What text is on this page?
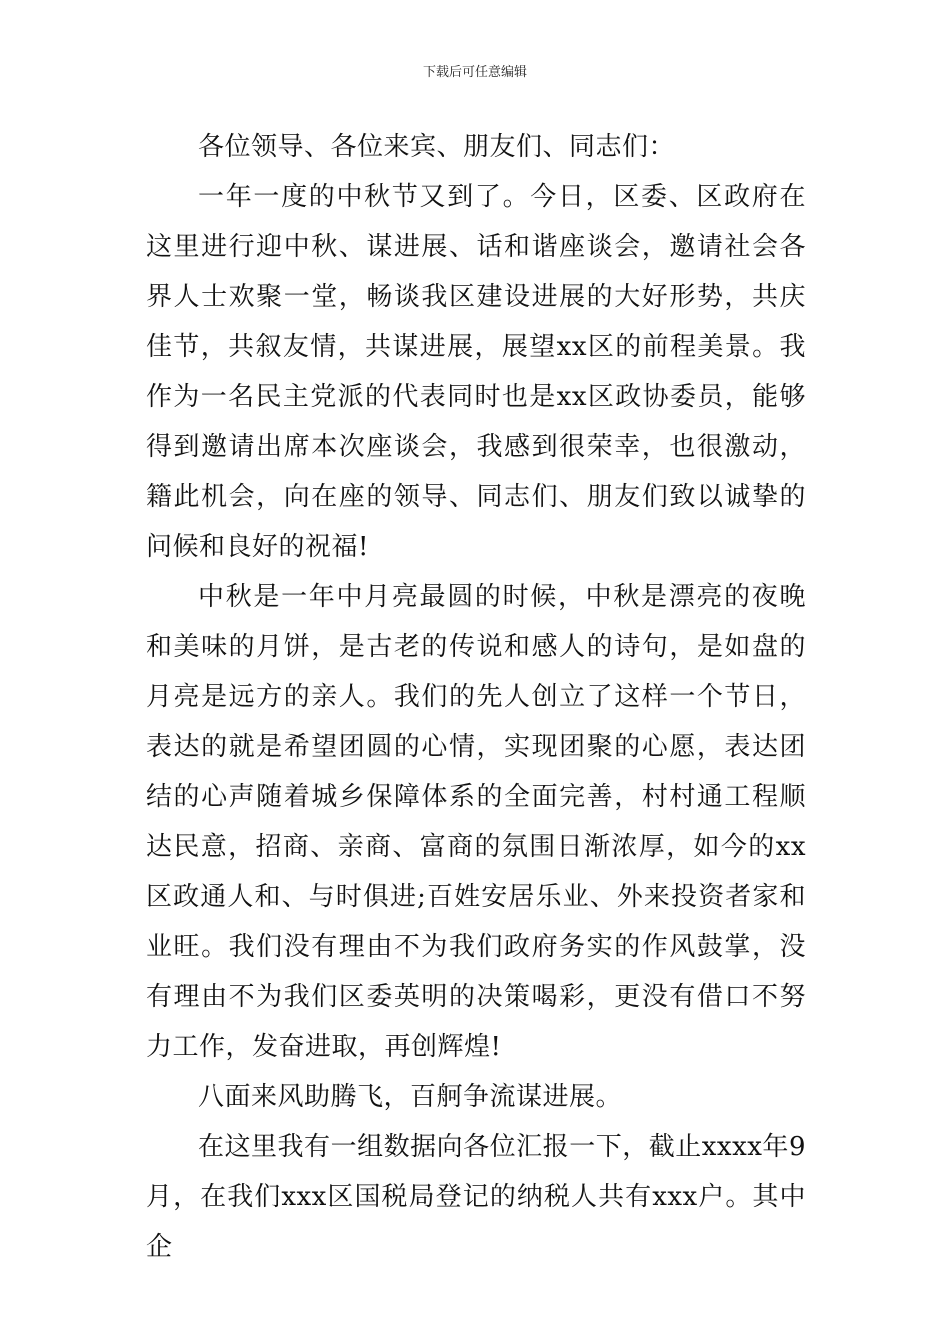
下载后可任意编辑

各位领导、各位来宾、朋友们、同志们：

一年一度的中秋节又到了。今日，区委、区政府在这里进行迎中秋、谋进展、话和谐座谈会，邀请社会各界人士欢聚一堂，畅谈我区建设进展的大好形势，共庆佳节，共叙友情，共谋进展，展望xx区的前程美景。我作为一名民主党派的代表同时也是xx区政协委员，能够得到邀请出席本次座谈会，我感到很荣幸，也很激动，籍此机会，向在座的领导、同志们、朋友们致以诚挚的问候和良好的祝福!

中秋是一年中月亮最圆的时候，中秋是漂亮的夜晚和美味的月饼，是古老的传说和感人的诗句，是如盘的月亮是远方的亲人。我们的先人创立了这样一个节日，表达的就是希望团圆的心情，实现团聚的心愿，表达团结的心声随着城乡保障体系的全面完善，村村通工程顺达民意，招商、亲商、富商的氛围日渐浓厚，如今的xx区政通人和、与时俱进;百姓安居乐业、外来投资者家和业旺。我们没有理由不为我们政府务实的作风鼓掌，没有理由不为我们区委英明的决策喝彩，更没有借口不努力工作，发奋进取，再创辉煌!

八面来风助腾飞，百舸争流谋进展。

在这里我有一组数据向各位汇报一下，截止xxxx年9月，在我们xxx区国税局登记的纳税人共有xxx户。其中企
